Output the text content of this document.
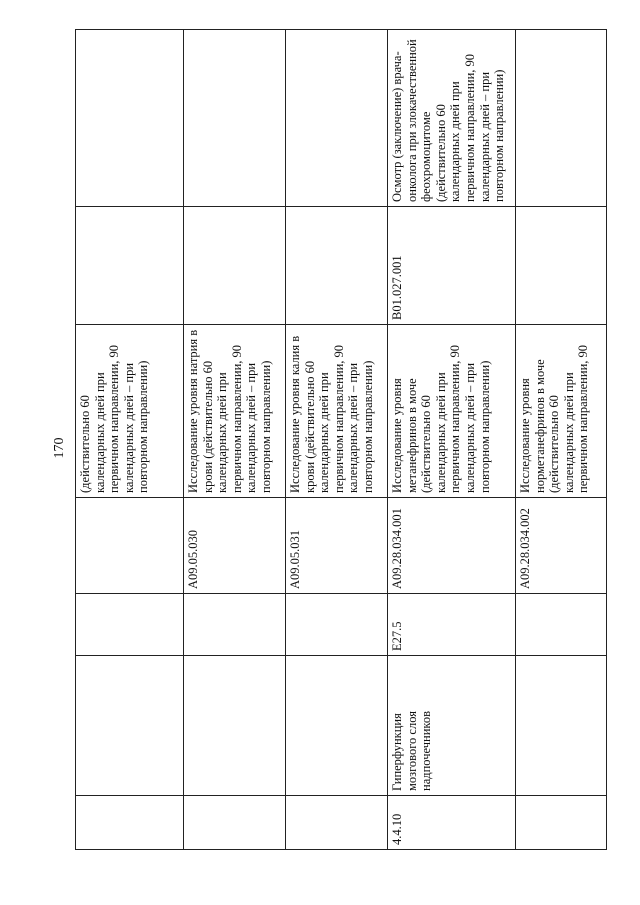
170
				(действительно 60 календарных дней при первичном направлении, 90 календарных дней – при повторном направлении)		
			А09.05.030	Исследование уровня натрия в крови (действительно 60 календарных дней при первичном направлении, 90 календарных дней – при повторном направлении)		
			А09.05.031	Исследование уровня калия в крови (действительно 60 календарных дней при первичном направлении, 90 календарных дней – при повторном направлении)		
4.4.10	Гиперфункция мозгового слоя надпочечников	Е27.5	А09.28.034.001	Исследование уровня метанефринов в моче (действительно 60 календарных дней при первичном направлении, 90 календарных дней – при повторном направлении)	В01.027.001	Осмотр (заключение) врача-онколога при злокачественной феохромоцитоме (действительно 60 календарных дней при первичном направлении, 90 календарных дней – при повторном направлении)
			А09.28.034.002	Исследование уровня норметанефринов в моче (действительно 60 календарных дней при первичном направлении, 90		
